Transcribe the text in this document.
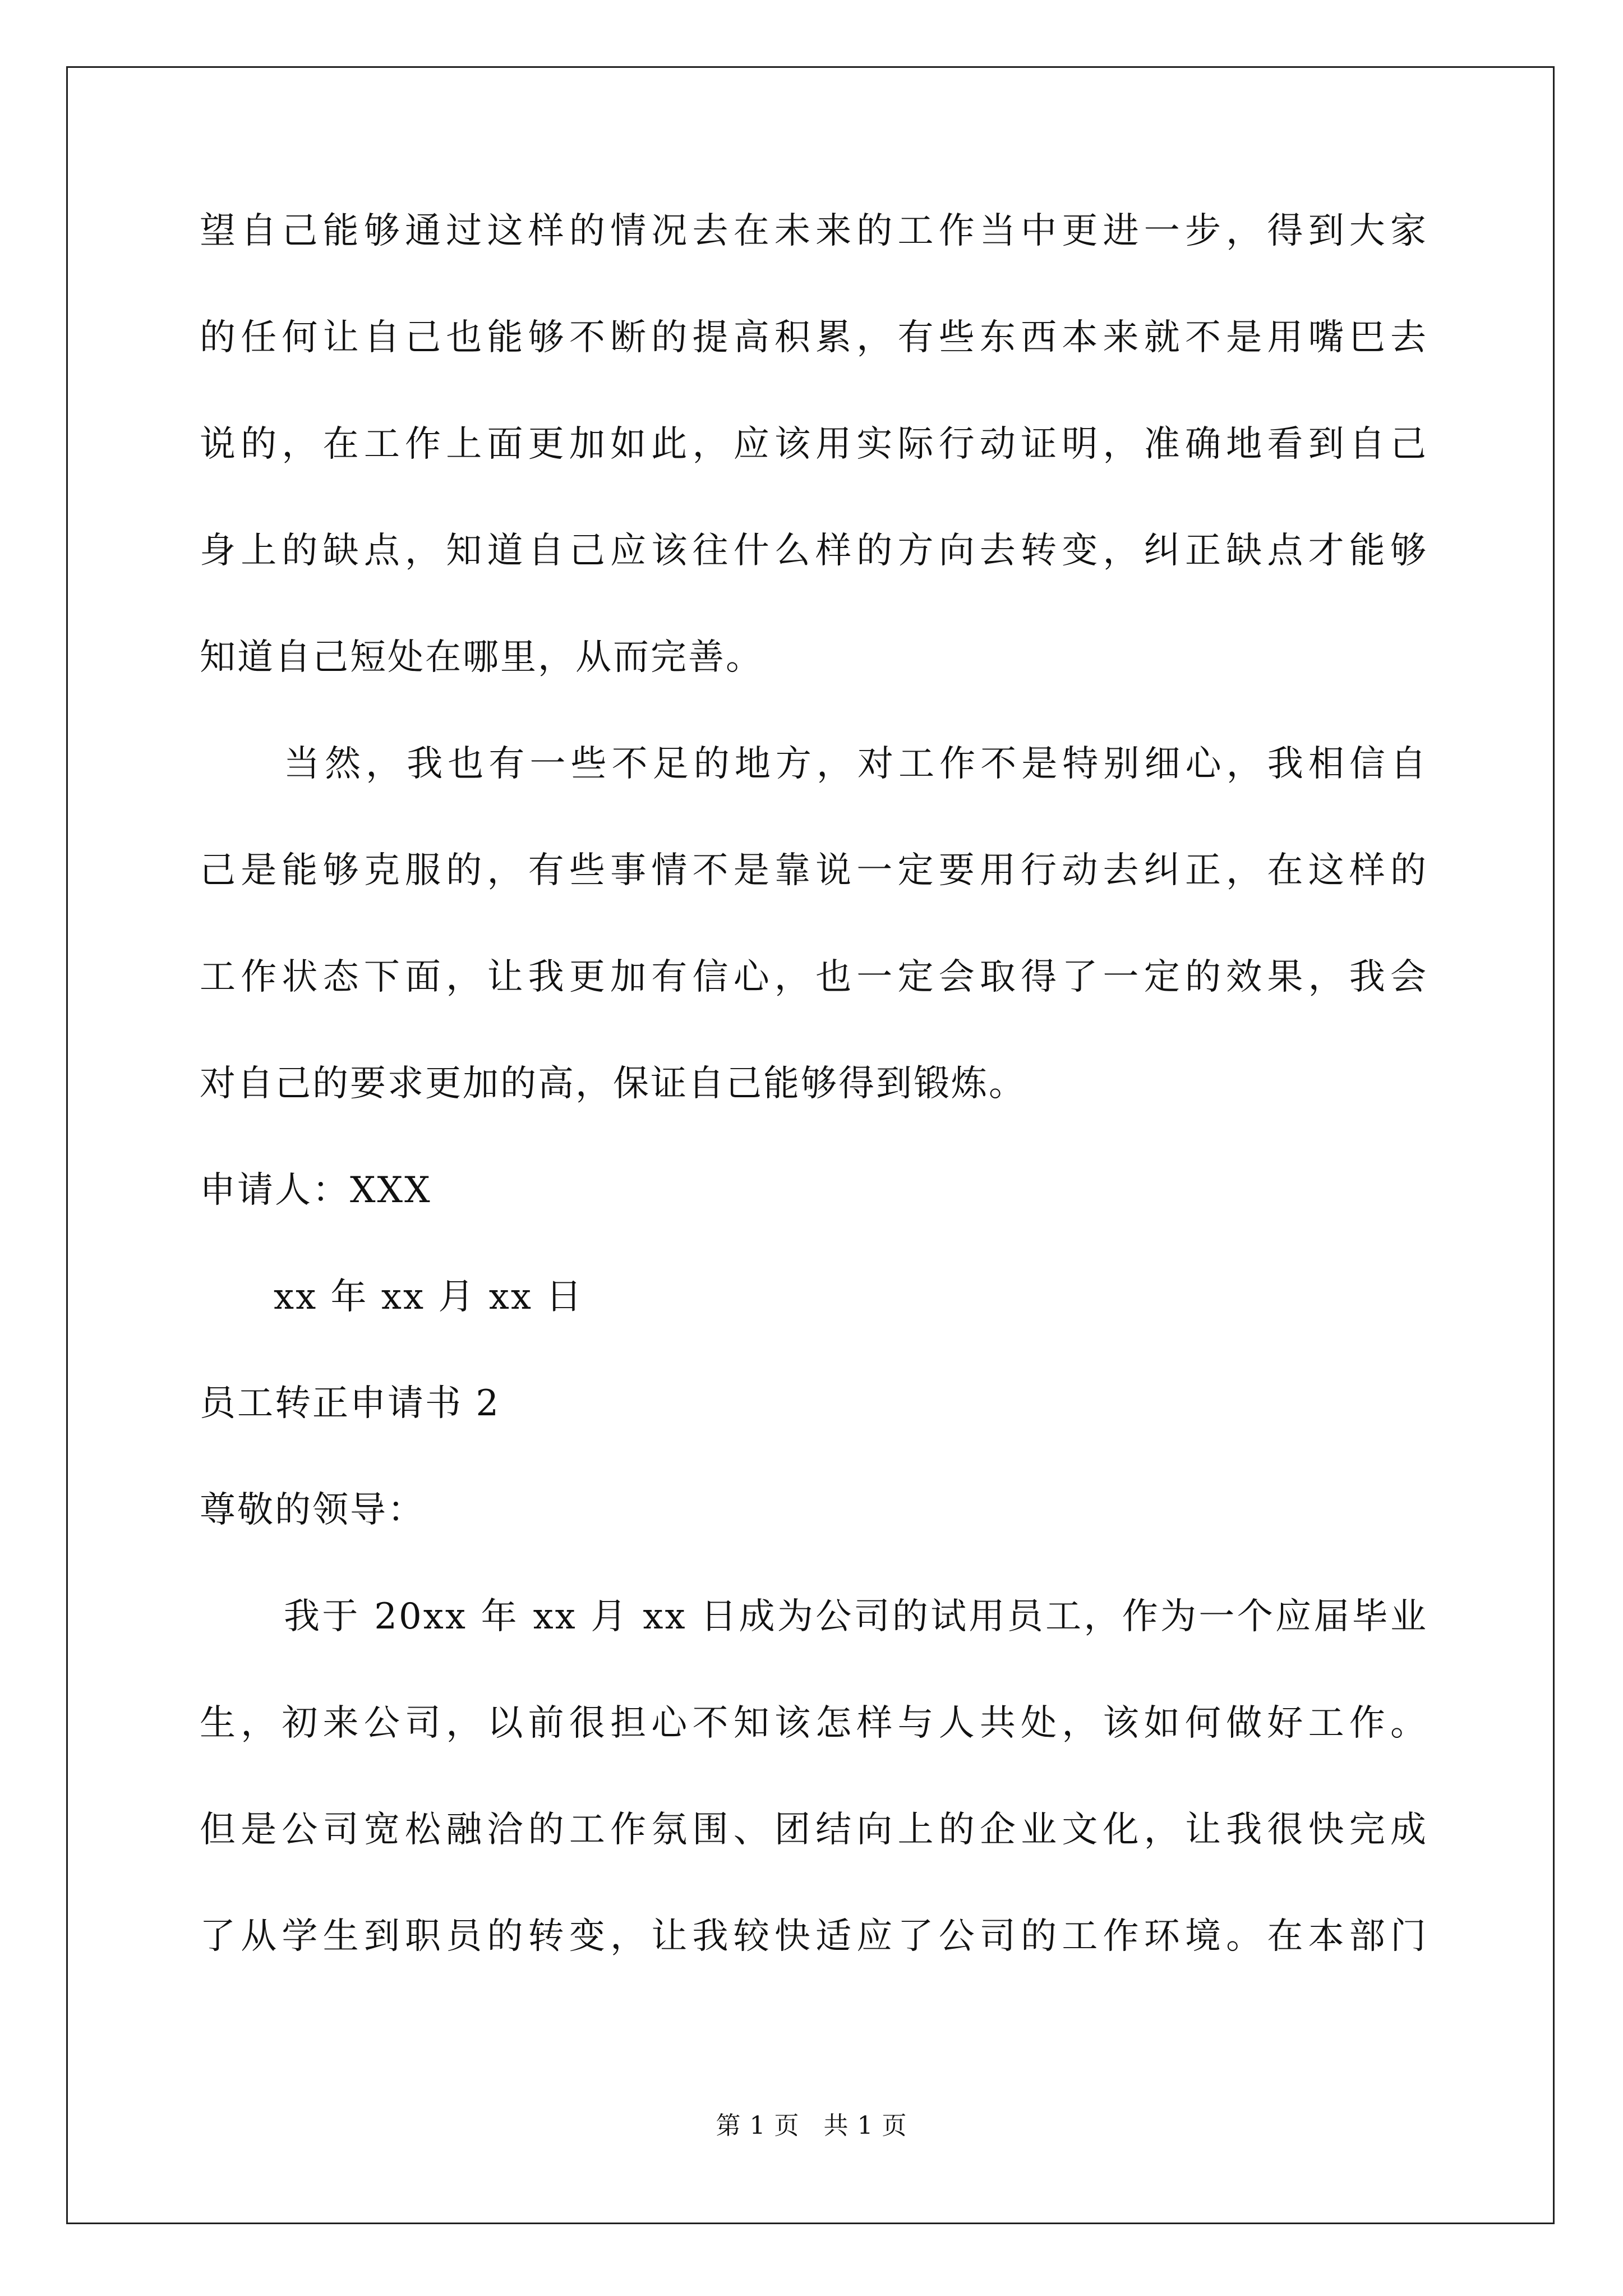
望自己能够通过这样的情况去在未来的工作当中更进一步，得到大家
的任何让自己也能够不断的提高积累，有些东西本来就不是用嘴巴去
说的，在工作上面更加如此，应该用实际行动证明，准确地看到自己
身上的缺点，知道自己应该往什么样的方向去转变，纠正缺点才能够
知道自己短处在哪里，从而完善。
当然，我也有一些不足的地方，对工作不是特别细心，我相信自
己是能够克服的，有些事情不是靠说一定要用行动去纠正，在这样的
工作状态下面，让我更加有信心，也一定会取得了一定的效果，我会
对自己的要求更加的高，保证自己能够得到锻炼。
申请人：XXX
xx 年 xx 月 xx 日
员工转正申请书 2
尊敬的领导：
我于 20xx 年 xx 月 xx 日成为公司的试用员工，作为一个应届毕业
生，初来公司，以前很担心不知该怎样与人共处，该如何做好工作。
但是公司宽松融洽的工作氛围、团结向上的企业文化，让我很快完成
了从学生到职员的转变，让我较快适应了公司的工作环境。在本部门
第 1 页 共 1 页
